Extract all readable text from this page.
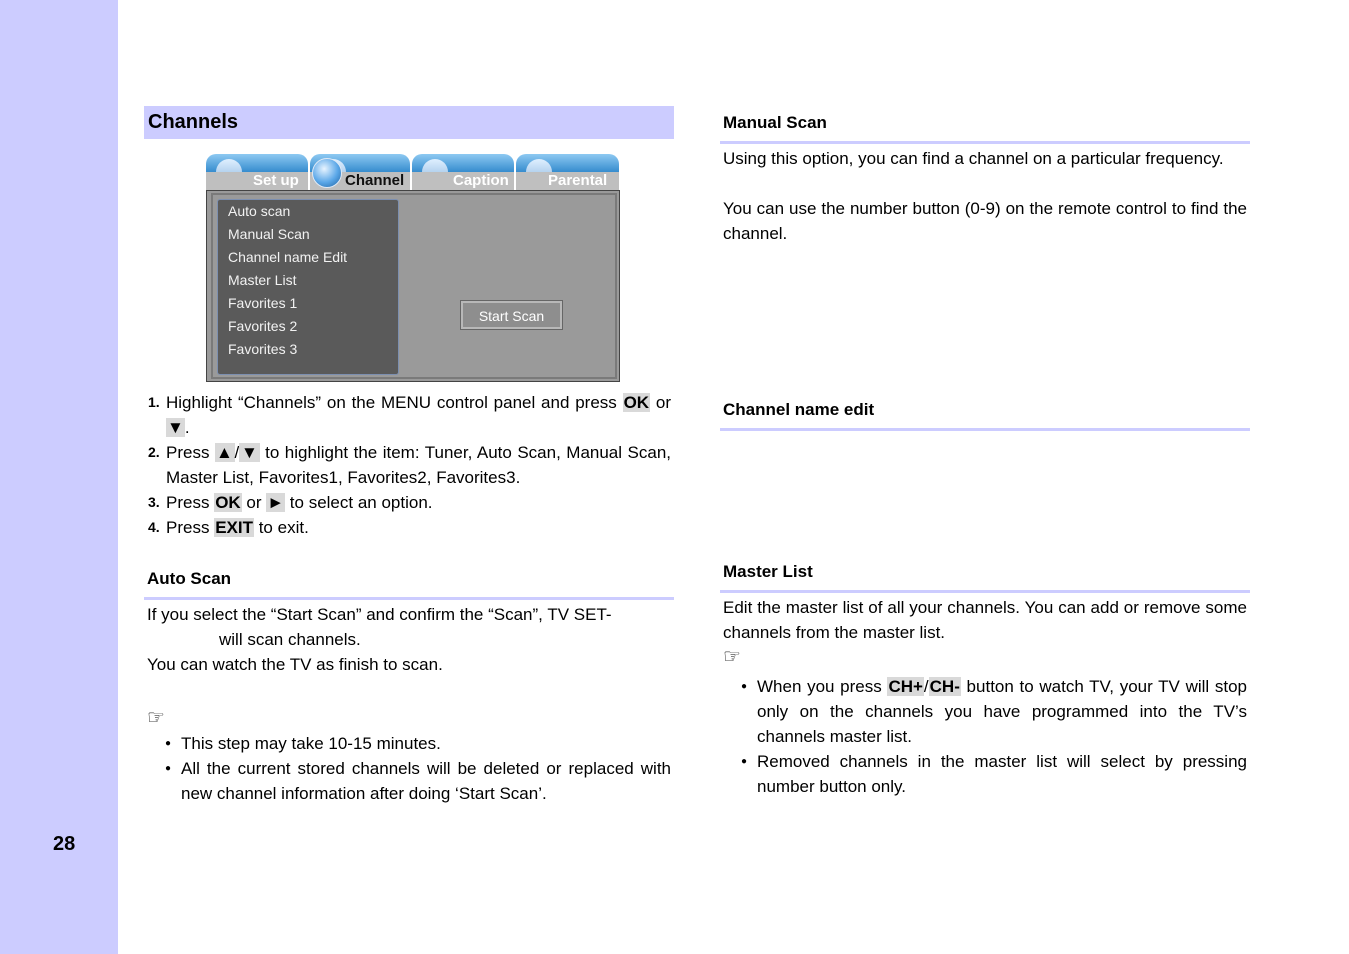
28
Channels
Set up	Channel	Caption	Parental
Auto scan
Manual Scan
Channel name Edit
Master List
Favorites 1
Favorites 2
Favorites 3
Start Scan
1. Highlight “Channels” on the MENU control panel and press OK or ▼.
2. Press ▲/▼ to highlight the item: Tuner, Auto Scan, Manual Scan, Master List, Favorites1, Favorites2, Favorites3.
3. Press OK or ► to select an option.
4. Press EXIT to exit.
Auto Scan
If you select the “Start Scan” and confirm the “Scan”, TV SET-
will scan channels.
You can watch the TV as finish to scan.
☞
● This step may take 10-15 minutes.
● All the current stored channels will be deleted or replaced with new channel information after doing ‘Start Scan’.
Manual Scan
Using this option, you can find a channel on a particular frequency.
You can use the number button (0-9) on the remote control to find the channel.
Channel name edit
Master List
Edit the master list of all your channels. You can add or remove some channels from the master list.
☞
● When you press CH+/CH- button to watch TV, your TV will stop only on the channels you have programmed into the TV’s channels master list.
● Removed channels in the master list will select by pressing number button only.
